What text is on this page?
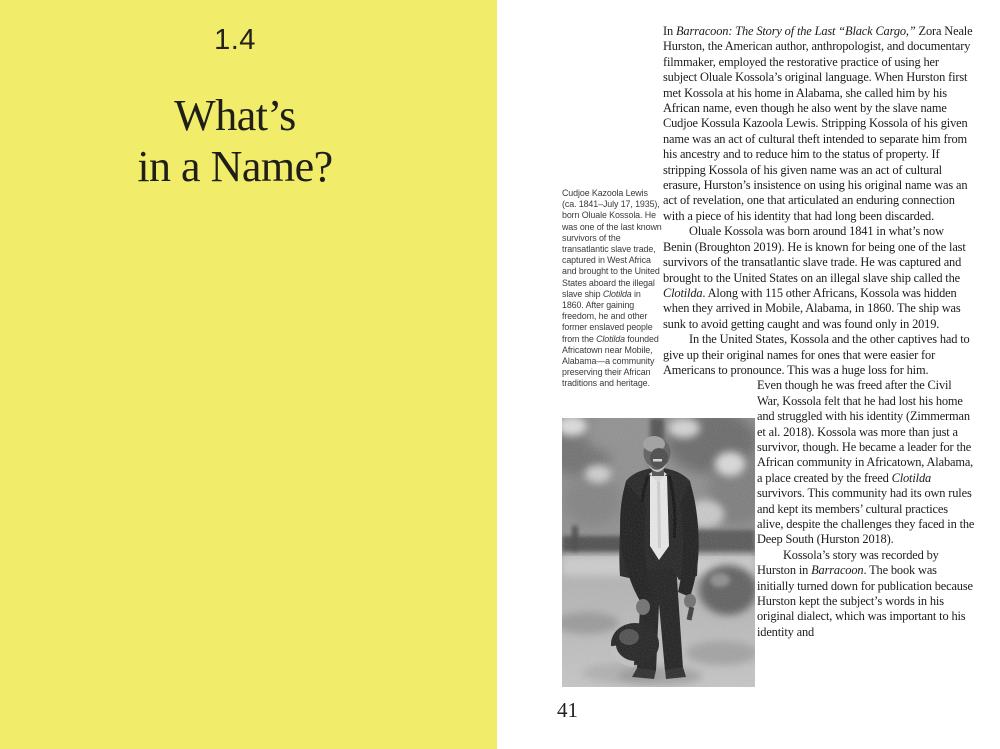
1.4
What’s
in a Name?
Cudjoe Kazoola Lewis (ca. 1841–July 17, 1935), born Oluale Kossola. He was one of the last known survivors of the transatlantic slave trade, captured in West Africa and brought to the United States aboard the illegal slave ship Clotilda in 1860. After gaining freedom, he and other former enslaved people from the Clotilda founded Africatown near Mobile, Alabama—a community preserving their African traditions and heritage.

In Barracoon: The Story of the Last “Black Cargo,” Zora Neale Hurston, the American author, anthropologist, and documentary filmmaker, employed the restorative practice of using her subject Oluale Kossola’s original language. When Hurston first met Kossola at his home in Alabama, she called him by his African name, even though he also went by the slave name Cudjoe Kossula Kazoola Lewis. Stripping Kossola of his given name was an act of cultural theft intended to separate him from his ancestry and to reduce him to the status of property. If stripping Kossola of his given name was an act of cultural erasure, Hurston’s insistence on using his original name was an act of revelation, one that articulated an enduring connection with a piece of his identity that had long been discarded.

Oluale Kossola was born around 1841 in what’s now Benin (Broughton 2019). He is known for being one of the last survivors of the transatlantic slave trade. He was captured and brought to the United States on an illegal slave ship called the Clotilda. Along with 115 other Africans, Kossola was hidden when they arrived in Mobile, Alabama, in 1860. The ship was sunk to avoid getting caught and was found only in 2019.

In the United States, Kossola and the other captives had to give up their original names for ones that were easier for Americans to pronounce. This was a huge loss for him.

Even though he was freed after the Civil War, Kossola felt that he had lost his home and struggled with his identity (Zimmerman et al. 2018). Kossola was more than just a survivor, though. He became a leader for the African community in Africatown, Alabama, a place created by the freed Clotilda survivors. This community had its own rules and kept its members’ cultural practices alive, despite the challenges they faced in the Deep South (Hurston 2018).

Kossola’s story was recorded by Hurston in Barracoon. The book was initially turned down for publication because Hurston kept the subject’s words in his original dialect, which was important to his identity and

41
